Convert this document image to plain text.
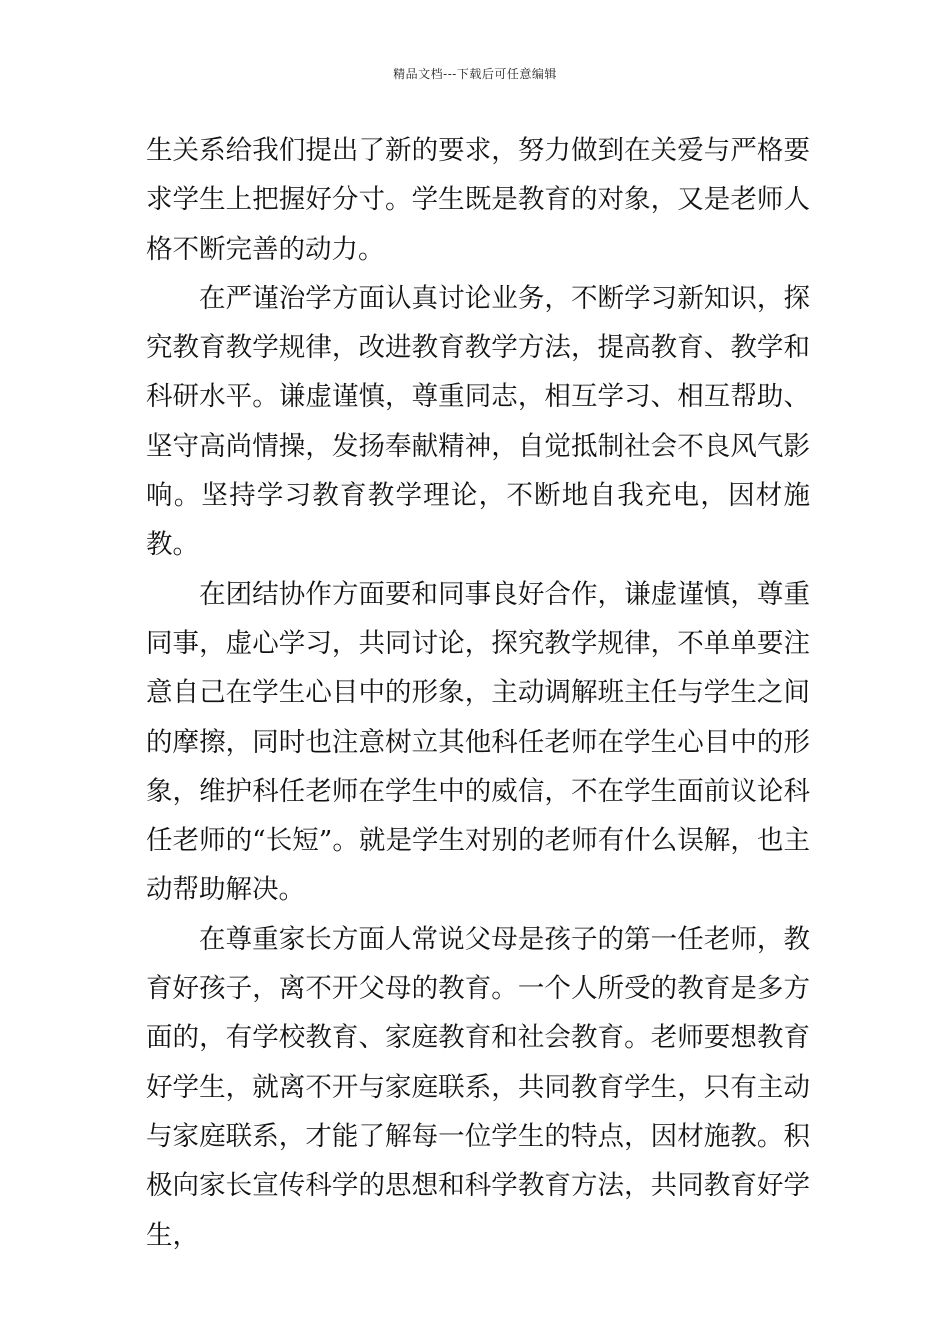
精品文档---下载后可任意编辑

生关系给我们提出了新的要求，努力做到在关爱与严格要求学生上把握好分寸。学生既是教育的对象，又是老师人格不断完善的动力。

在严谨治学方面认真讨论业务，不断学习新知识，探究教育教学规律，改进教育教学方法，提高教育、教学和科研水平。谦虚谨慎，尊重同志，相互学习、相互帮助、坚守高尚情操，发扬奉献精神，自觉抵制社会不良风气影响。坚持学习教育教学理论，不断地自我充电，因材施教。

在团结协作方面要和同事良好合作，谦虚谨慎，尊重同事，虚心学习，共同讨论，探究教学规律，不单单要注意自己在学生心目中的形象，主动调解班主任与学生之间的摩擦，同时也注意树立其他科任老师在学生心目中的形象，维护科任老师在学生中的威信，不在学生面前议论科任老师的“长短”。就是学生对别的老师有什么误解，也主动帮助解决。

在尊重家长方面人常说父母是孩子的第一任老师，教育好孩子，离不开父母的教育。一个人所受的教育是多方面的，有学校教育、家庭教育和社会教育。老师要想教育好学生，就离不开与家庭联系，共同教育学生，只有主动与家庭联系，才能了解每一位学生的特点，因材施教。积极向家长宣传科学的思想和科学教育方法，共同教育好学生，
